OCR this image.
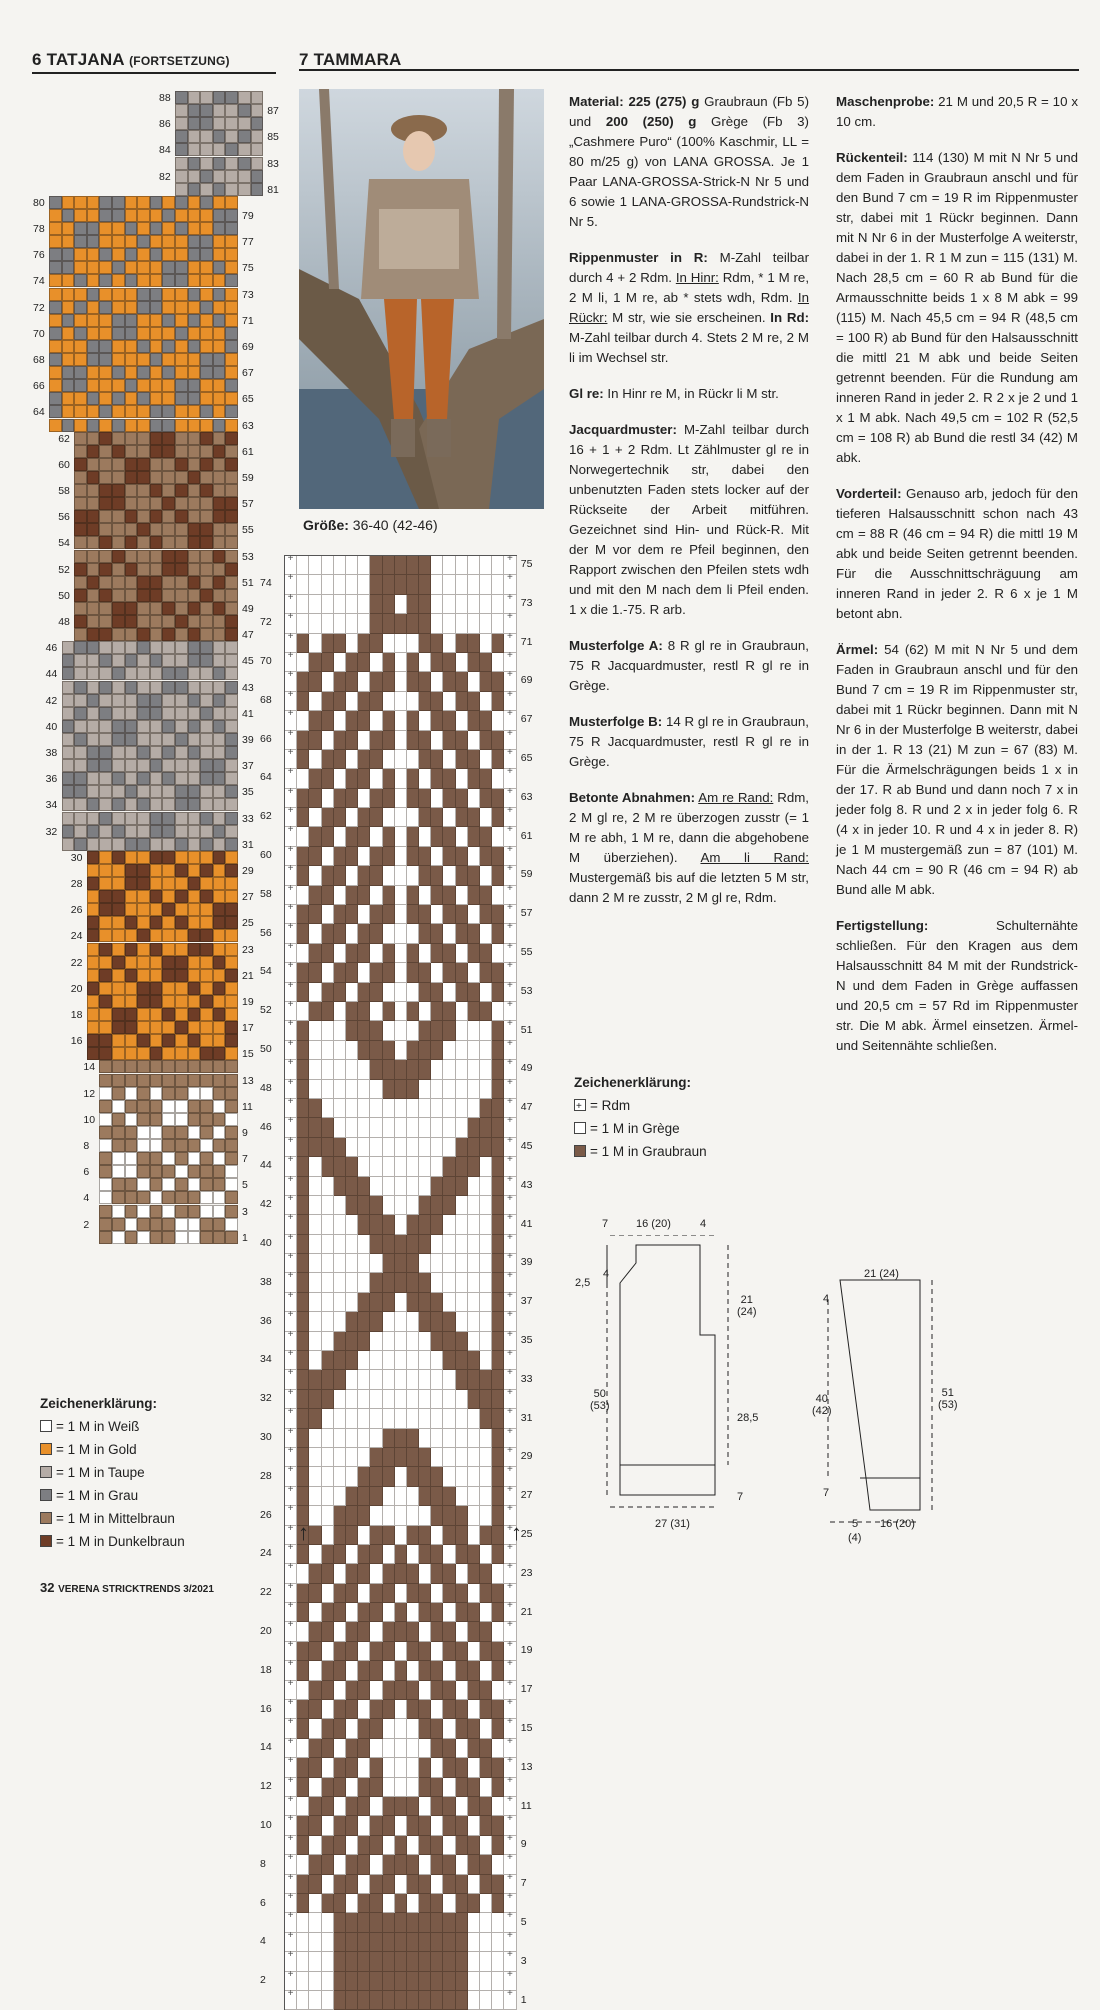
6 TATJANA (FORTSETZUNG)	7 TAMMARA
1
2
3
4
5
6
7
8
9
10
11
12
13
14
15
16
17
18
19
20
21
22
23
24
25
26
27
28
29
30
31
32
33
34
35
36
37
38
39
40
41
42
43
44
45
46
47
48
49
50
51
52
53
54
55
56
57
58
59
60
61
62
63
64
65
66
67
68
69
70
71
72
73
74
75
76
77
78
79
80
81
82
83
84
85
86
87
88
Größe: 36-40 (42-46)
+
+
+
+
+
+
+
+
+
+
+
+
+
+
+
+
+
+
+
+
+
+
+
+
+
+
+
+
+
+
+
+
+
+
+
+
+
+
+
+
+
+
+
+
+
+
+
+
+
+
+
+
+
+
+
+
+
+
+
+
+
+
+
+
+
+
+
+
+
+
+
+
+
+
+
+
+
+
+
+
+
+
+
+
+
+
+
+
+
+
+
+
+
+
+
+
+
+
+
+
+
+
+
+
+
+
+
+
+
+
+
+
+
+
+
+
+
+
+
+
+
+
+
+
+
+
+
+
+
+
+
+
+
+
+
+
+
+
+
+
+
+
+
+
+
+
+
+
+
+
1
2
3
4
5
6
7
8
9
10
11
12
13
14
15
16
17
18
19
20
21
22
23
24
25
26
27
28
29
30
31
32
33
34
35
36
37
38
39
40
41
42
43
44
45
46
47
48
49
50
51
52
53
54
55
56
57
58
59
60
61
62
63
64
65
66
67
68
69
70
71
72
73
74
75
↑	↑

Material: 225 (275) g Graubraun (Fb 5) und 200 (250) g Grège (Fb 3) „Cashmere Puro“ (100% Kaschmir, LL = 80 m/25 g) von LANA GROSSA. Je 1 Paar LANA-GROSSA-Strick-N Nr 5 und 6 sowie 1 LANA-GROSSA-Rundstrick-N Nr 5.

Rippenmuster in R: M-Zahl teilbar durch 4 + 2 Rdm. In Hinr: Rdm, * 1 M re, 2 M li, 1 M re, ab * stets wdh, Rdm. In Rückr: M str, wie sie erscheinen. In Rd: M-Zahl teilbar durch 4. Stets 2 M re, 2 M li im Wechsel str.

Gl re: In Hinr re M, in Rückr li M str.

Jacquardmuster: M-Zahl teilbar durch 16 + 1 + 2 Rdm. Lt Zählmuster gl re in Norwegertechnik str, dabei den unbenutzten Faden stets locker auf der Rückseite der Arbeit mitführen. Gezeichnet sind Hin- und Rück-R. Mit der M vor dem re Pfeil beginnen, den Rapport zwischen den Pfeilen stets wdh und mit den M nach dem li Pfeil enden. 1 x die 1.-75. R arb.

Musterfolge A: 8 R gl re in Graubraun, 75 R Jacquardmuster, restl R gl re in Grège.

Musterfolge B: 14 R gl re in Graubraun, 75 R Jacquardmuster, restl R gl re in Grège.

Betonte Abnahmen: Am re Rand: Rdm, 2 M gl re, 2 M re überzogen zusstr (= 1 M re abh, 1 M re, dann die abgehobene M überziehen). Am li Rand: Mustergemäß bis auf die letzten 5 M str, dann 2 M re zusstr, 2 M gl re, Rdm.

Maschenprobe: 21 M und 20,5 R = 10 x 10 cm.

Rückenteil: 114 (130) M mit N Nr 5 und dem Faden in Graubraun anschl und für den Bund 7 cm = 19 R im Rippenmuster str, dabei mit 1 Rückr beginnen. Dann mit N Nr 6 in der Musterfolge A weiterstr, dabei in der 1. R 1 M zun = 115 (131) M. Nach 28,5 cm = 60 R ab Bund für die Armausschnitte beids 1 x 8 M abk = 99 (115) M. Nach 45,5 cm = 94 R (48,5 cm = 100 R) ab Bund für den Halsausschnitt die mittl 21 M abk und beide Seiten getrennt beenden. Für die Rundung am inneren Rand in jeder 2. R 2 x je 2 und 1 x 1 M abk. Nach 49,5 cm = 102 R (52,5 cm = 108 R) ab Bund die restl 34 (42) M abk.

Vorderteil: Genauso arb, jedoch für den tieferen Halsausschnitt schon nach 43 cm = 88 R (46 cm = 94 R) die mittl 19 M abk und beide Seiten getrennt beenden. Für die Ausschnittschräguung am inneren Rand in jeder 2. R 6 x je 1 M betont abn.

Ärmel: 54 (62) M mit N Nr 5 und dem Faden in Graubraun anschl und für den Bund 7 cm = 19 R im Rippenmuster str, dabei mit 1 Rückr beginnen. Dann mit N Nr 6 in der Musterfolge B weiterstr, dabei in der 1. R 13 (21) M zun = 67 (83) M. Für die Ärmelschrägungen beids 1 x in der 17. R ab Bund und dann noch 7 x in jeder folg 8. R und 2 x in jeder folg 6. R (4 x in jeder 10. R und 4 x in jeder 8. R) je 1 M mustergemäß zun = 87 (101) M. Nach 44 cm = 90 R (46 cm = 94 R) ab Bund alle M abk.

Fertigstellung: Schulternähte schließen. Für den Kragen aus dem Halsausschnitt 84 M mit der Rundstrick-N und dem Faden in Grège auffassen und 20,5 cm = 57 Rd im Rippenmuster str. Die M abk. Ärmel einsetzen. Ärmel- und Seitennähte schließen.

Zeichenerklärung:
+ = Rdm
= 1 M in Grège
= 1 M in Graubraun
Zeichenerklärung:
= 1 M in Weiß
= 1 M in Gold
= 1 M in Taupe
= 1 M in Grau
= 1 M in Mittelbraun
= 1 M in Dunkelbraun
7	16 (20)	4
2,5
4
21
(24)
28,5
50
(53)
7
27 (31)
21 (24)
4
40
(42)
51
(53)
7
5
(4)
16 (20)
32 VERENA STRICKTRENDS 3/2021
